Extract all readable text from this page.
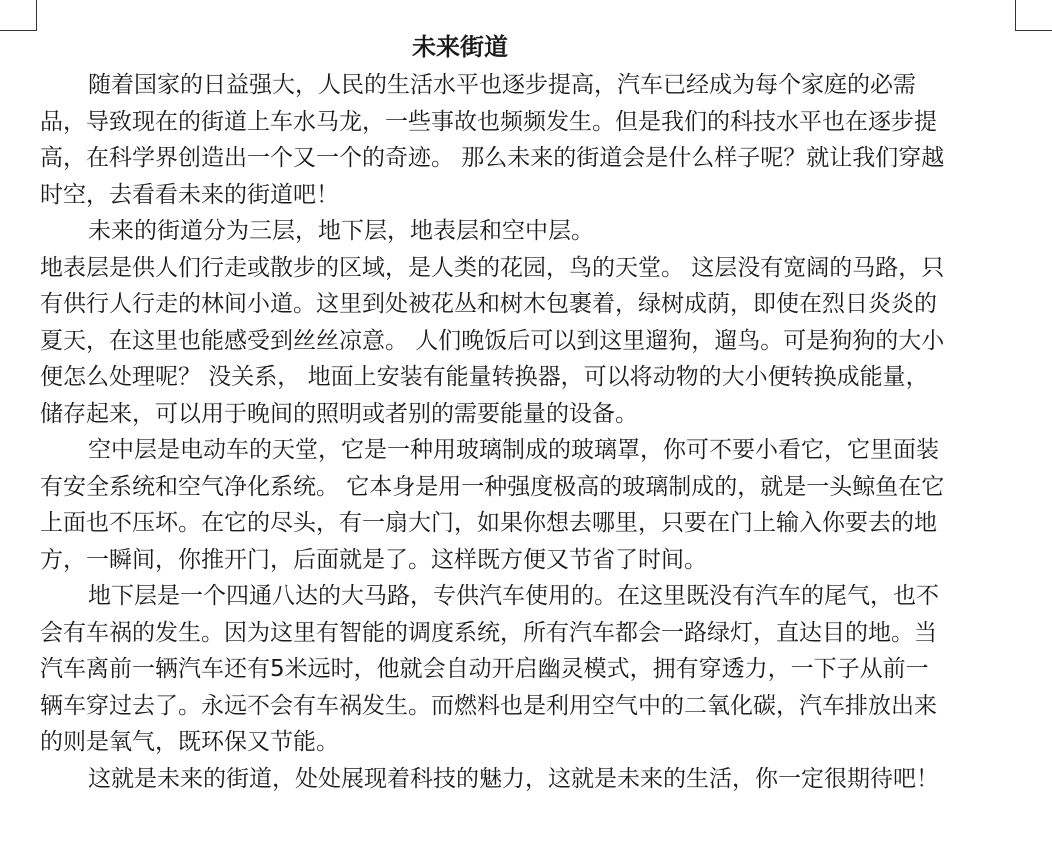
未来街道
随着国家的日益强大，人民的生活水平也逐步提高，汽车已经成为每个家庭的必需
品，导致现在的街道上车水马龙，一些事故也频频发生。但是我们的科技水平也在逐步提
高，在科学界创造出一个又一个的奇迹。 那么未来的街道会是什么样子呢？就让我们穿越
时空，去看看未来的街道吧！
未来的街道分为三层，地下层，地表层和空中层。
地表层是供人们行走或散步的区域，是人类的花园，鸟的天堂。 这层没有宽阔的马路，只
有供行人行走的林间小道。这里到处被花丛和树木包裹着，绿树成荫，即使在烈日炎炎的
夏天，在这里也能感受到丝丝凉意。 人们晚饭后可以到这里遛狗，遛鸟。可是狗狗的大小
便怎么处理呢？ 没关系， 地面上安装有能量转换器，可以将动物的大小便转换成能量，
储存起来，可以用于晚间的照明或者别的需要能量的设备。
空中层是电动车的天堂，它是一种用玻璃制成的玻璃罩，你可不要小看它，它里面装
有安全系统和空气净化系统。 它本身是用一种强度极高的玻璃制成的，就是一头鲸鱼在它
上面也不压坏。在它的尽头，有一扇大门，如果你想去哪里，只要在门上输入你要去的地
方，一瞬间，你推开门，后面就是了。这样既方便又节省了时间。
地下层是一个四通八达的大马路，专供汽车使用的。在这里既没有汽车的尾气，也不
会有车祸的发生。因为这里有智能的调度系统，所有汽车都会一路绿灯，直达目的地。当
汽车离前一辆汽车还有5米远时，他就会自动开启幽灵模式，拥有穿透力，一下子从前一
辆车穿过去了。永远不会有车祸发生。而燃料也是利用空气中的二氧化碳，汽车排放出来
的则是氧气，既环保又节能。
这就是未来的街道，处处展现着科技的魅力，这就是未来的生活，你一定很期待吧！
